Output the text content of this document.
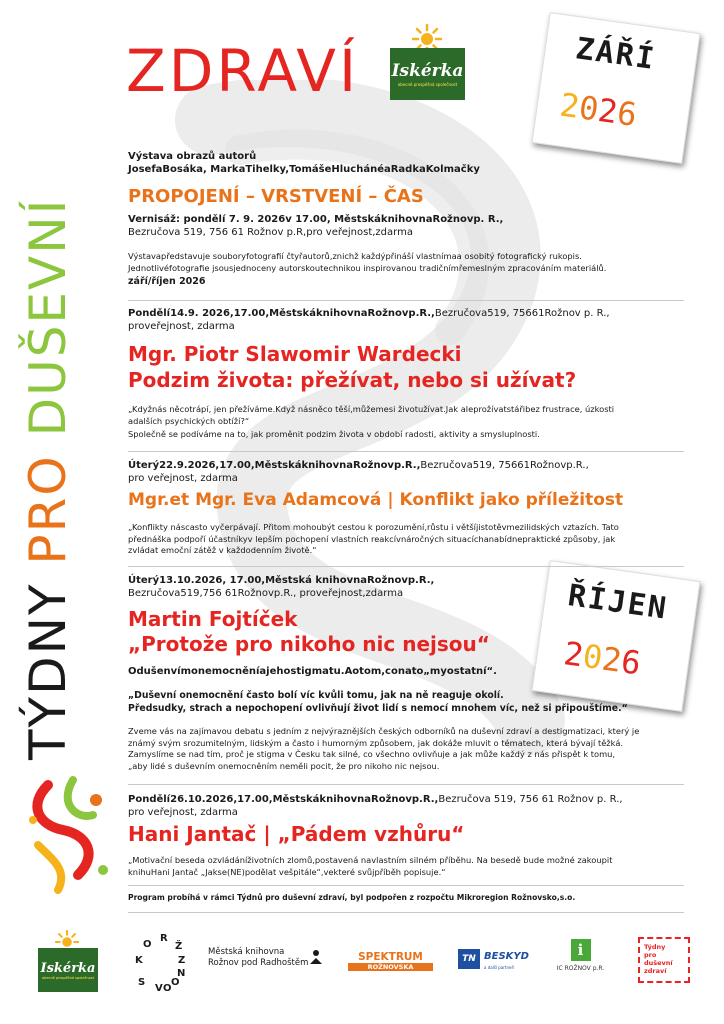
TÝDNY PRO DUŠEVNÍ
ZDRAVÍ Iskérka
obecně prospěšná společnost
ZÁŘÍ
2026
ŘÍJEN
2026
Výstava obrazů autorů
JosefaBosáka, MarkaTihelky,TomášeHluchánéaRadkaKolmačky
PROPOJENÍ – VRSTVENÍ – ČAS
Vernisáž: pondělí 7. 9. 2026v 17.00, MěstskáknihovnaRožnovp. R.,
Bezručova 519, 756 61 Rožnov p.R,pro veřejnost,zdarma
Výstavapředstavuje souboryfotografií čtyřautorů,znichž každýpřináší vlastnímaa osobitý fotografický rukopis.
Jednotlivéfotografie jsousjednoceny autorskoutechnikou inspirovanou tradičnímřemeslným zpracováním materiálů.
září/říjen 2026
Pondělí14.9. 2026,17.00,MěstskáknihovnaRožnovp.R.,Bezručova519, 75661Rožnov p. R.,
proveřejnost, zdarma
Mgr. Piotr Slawomir Wardecki
Podzim života: přežívat, nebo si užívat?
„Kdyžnás něcotrápí, jen přežíváme.Když násněco těší,můžemesi životužívat.Jak aleprožívatstářibez frustrace, úzkosti
adalších psychických obtíží?“
Společně se podíváme na to, jak proměnit podzim života v období radosti, aktivity a smysluplnosti.
Úterý22.9.2026,17.00,MěstskáknihovnaRožnovp.R.,Bezručova519, 75661Rožnovp.R.,
pro veřejnost, zdarma
Mgr.et Mgr. Eva Adamcová | Konflikt jako příležitost
„Konflikty náscasto vyčerpávají. Přitom mohoubýt cestou k porozumění,růstu i většíjistotěvmezilidských vztazích. Tato
přednáška podpoří účastníkyv lepším pochopení vlastních reakcívnáročných situacíchanabídnepraktické způsoby, jak
zvládat emoční zátěž v každodenním životě.“
Úterý13.10.2026, 17.00,Městská knihovnaRožnovp.R.,
Bezručova519,756 61Rožnovp.R., proveřejnost,zdarma
Martin Fojtíček
„Protože pro nikoho nic nejsou“
Odušenvímonemocněníajehostigmatu.Aotom,conato„myostatní“.
„Duševní onemocnění často bolí víc kvůli tomu, jak na ně reaguje okolí.
Předsudky, strach a nepochopení ovlivňují život lidí s nemocí mnohem víc, než si připouštíme.“
Zveme vás na zajímavou debatu s jedním z nejvýraznějších českých odborníků na duševní zdraví a destigmatizaci, který je
známý svým srozumitelným, lidským a často i humorným způsobem, jak dokáže mluvit o tématech, která bývají těžká.
Zamyslíme se nad tím, proč je stigma v Česku tak silné, co všechno ovlivňuje a jak může každý z nás přispět k tomu,
„aby lidé s duševním onemocněním neměli pocit, že pro nikoho nic nejsou.
Pondělí26.10.2026,17.00,MěstskáknihovnaRožnovp.R.,Bezručova 519, 756 61 Rožnov p. R.,
pro veřejnost, zdarma
Hani Jantač | „Pádem vzhůru“
„Motivační beseda ozvládáníživotních zlomů,postavená navlastním silném příběhu. Na besedě bude možné zakoupit
knihuHani Jantač „Jakse(NE)podělat vešpitále“,vekteré svůjpříběh popisuje.“
Program probíhá v rámci Týdnů pro duševní zdraví, byl podpořen z rozpočtu Mikroregion Rožnovsko,s.o.
Iskérka
obecně prospěšná společnost
K
O
R
Z
O
N
S
V O
Ž	Městská knihovna
Rožnov pod Radhoštěm	SPEKTRUM
ROŽNOVSKA
TN BESKYD
a další partneři
i
IC ROŽNOV p.R.
Týdny
pro duševní
zdraví
